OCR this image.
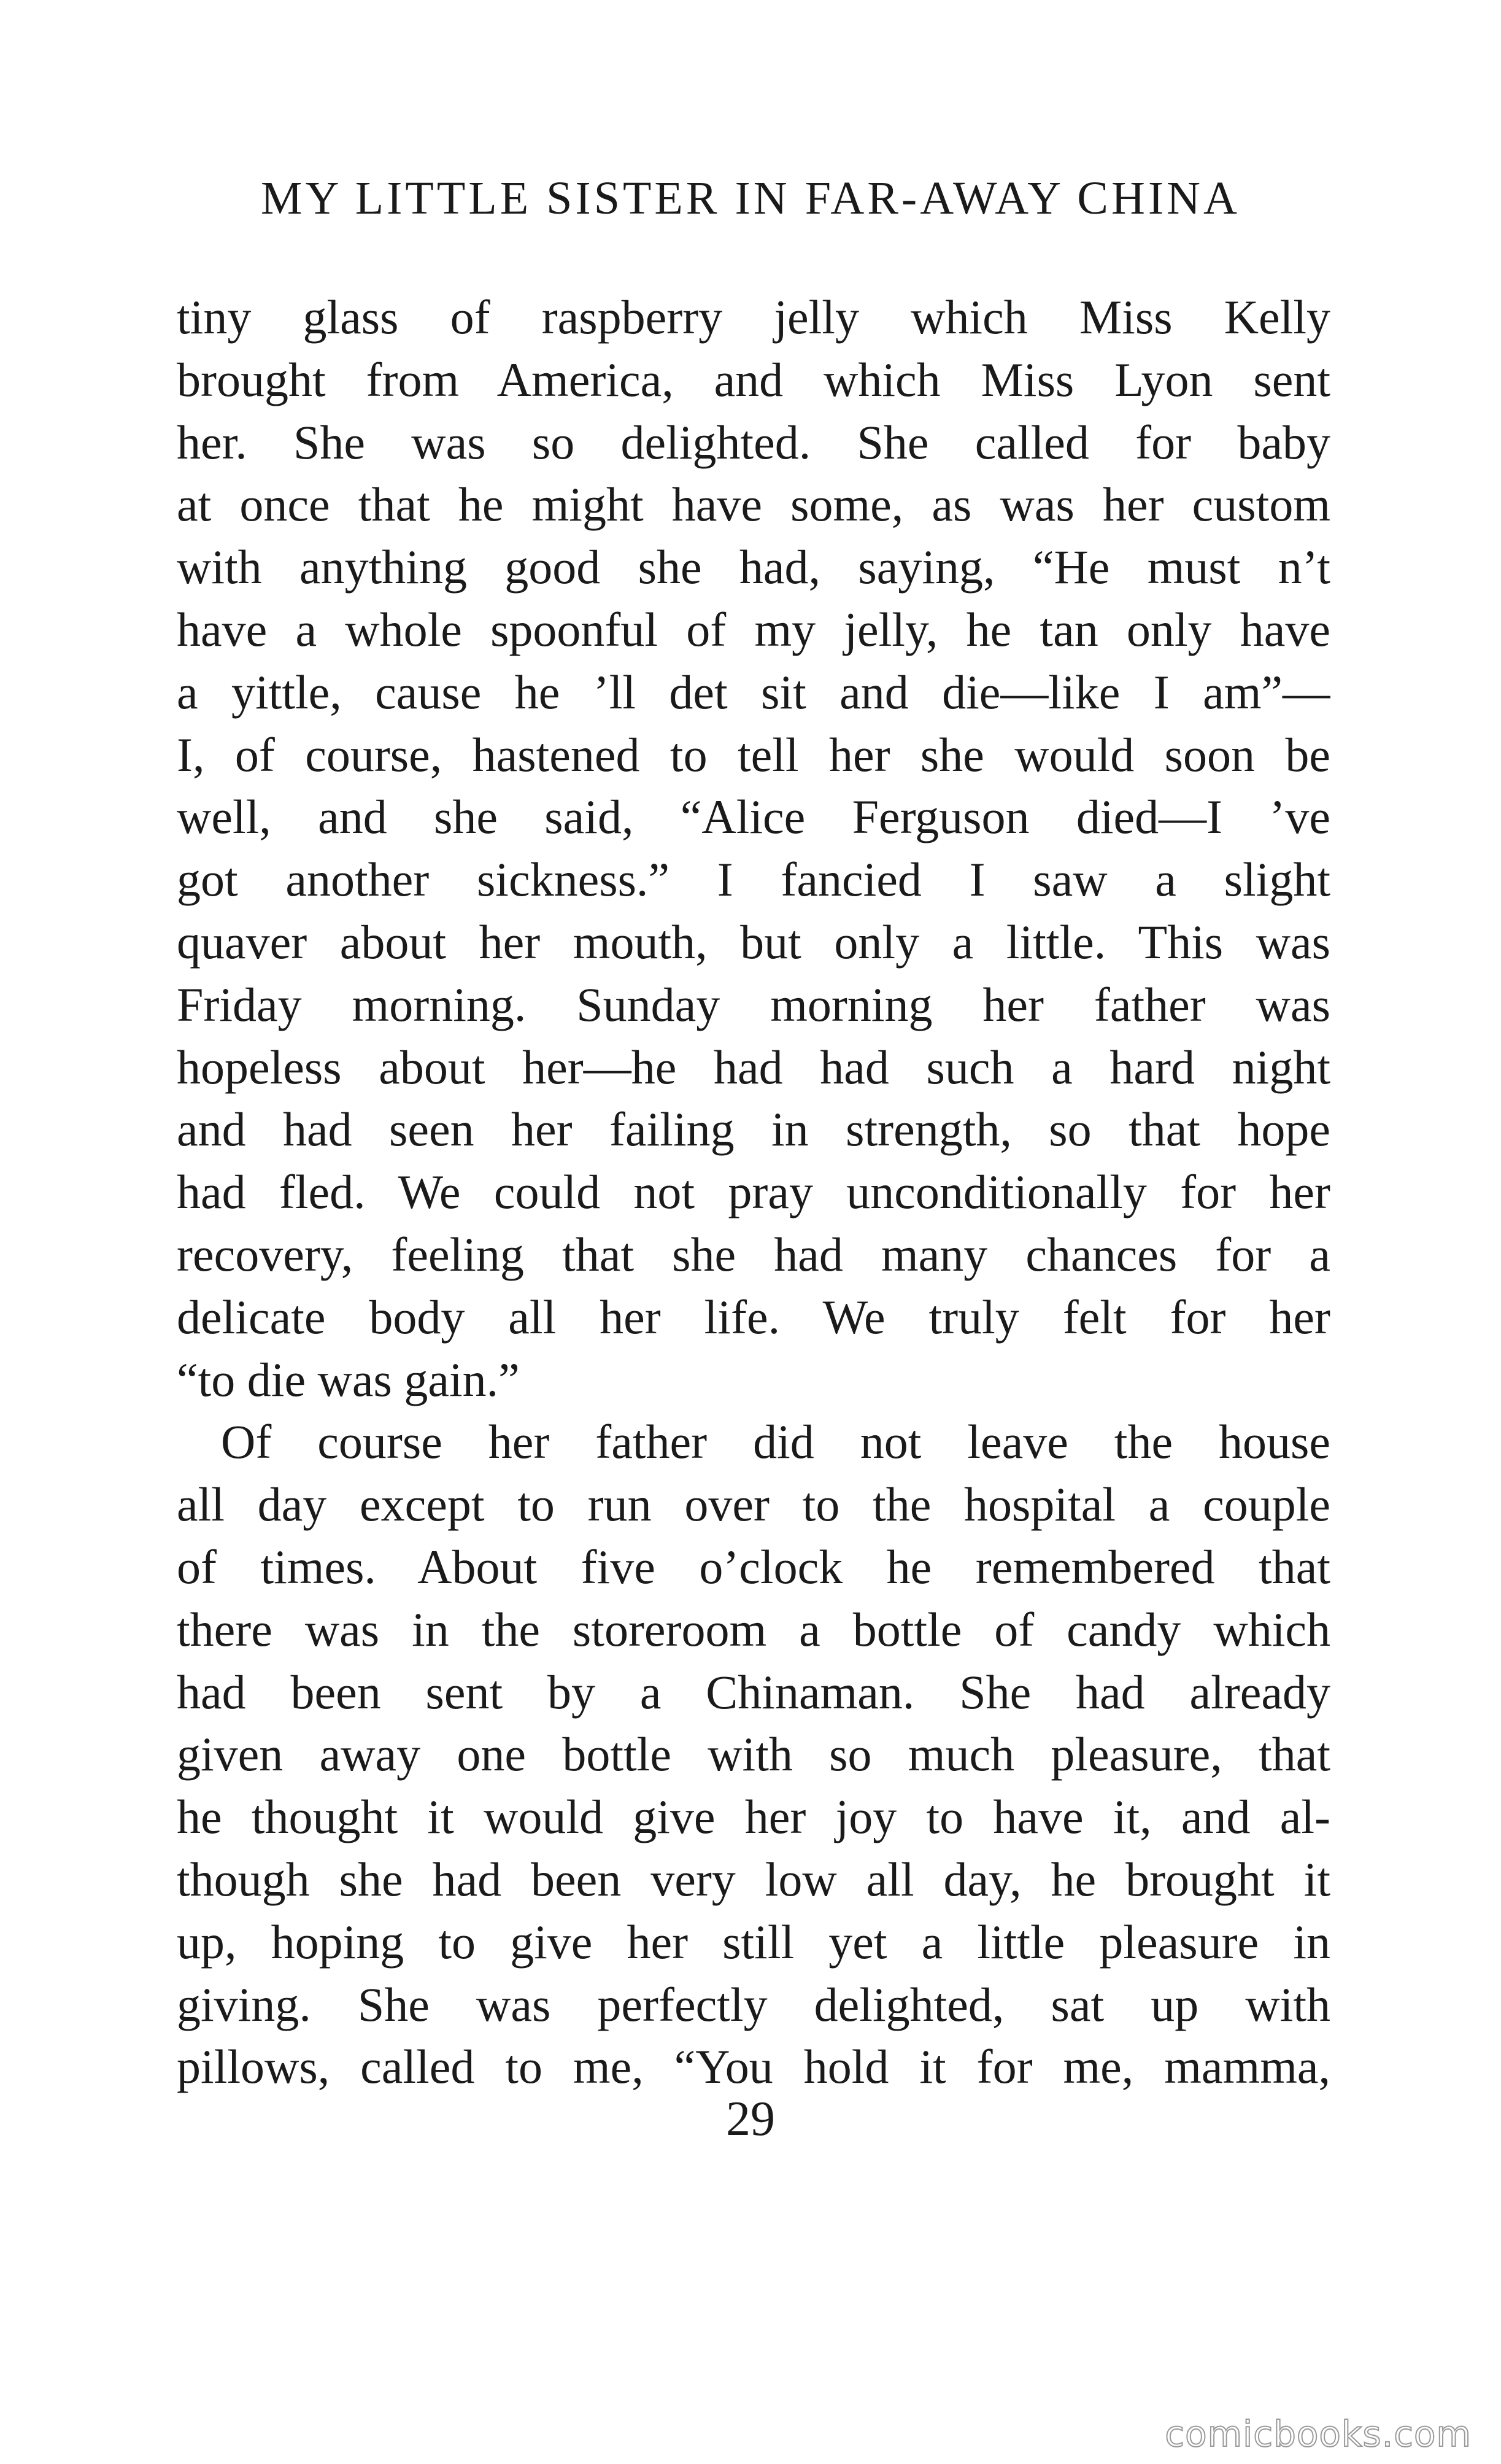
MY LITTLE SISTER IN FAR-AWAY CHINA
tiny glass of raspberry jelly which Miss Kelly
brought from America, and which Miss Lyon sent
her. She was so delighted. She called for baby
at once that he might have some, as was her custom
with anything good she had, saying, “He must n’t
have a whole spoonful of my jelly, he tan only have
a yittle, cause he ’ll det sit and die—like I am”—
I, of course, hastened to tell her she would soon be
well, and she said, “Alice Ferguson died—I ’ve
got another sickness.” I fancied I saw a slight
quaver about her mouth, but only a little. This was
Friday morning. Sunday morning her father was
hopeless about her—he had had such a hard night
and had seen her failing in strength, so that hope
had fled. We could not pray unconditionally for her
recovery, feeling that she had many chances for a
delicate body all her life. We truly felt for her
“to die was gain.”
Of course her father did not leave the house
all day except to run over to the hospital a couple
of times. About five o’clock he remembered that
there was in the storeroom a bottle of candy which
had been sent by a Chinaman. She had already
given away one bottle with so much pleasure, that
he thought it would give her joy to have it, and al-
though she had been very low all day, he brought it
up, hoping to give her still yet a little pleasure in
giving. She was perfectly delighted, sat up with
pillows, called to me, “You hold it for me, mamma,
29
comicbooks.com
